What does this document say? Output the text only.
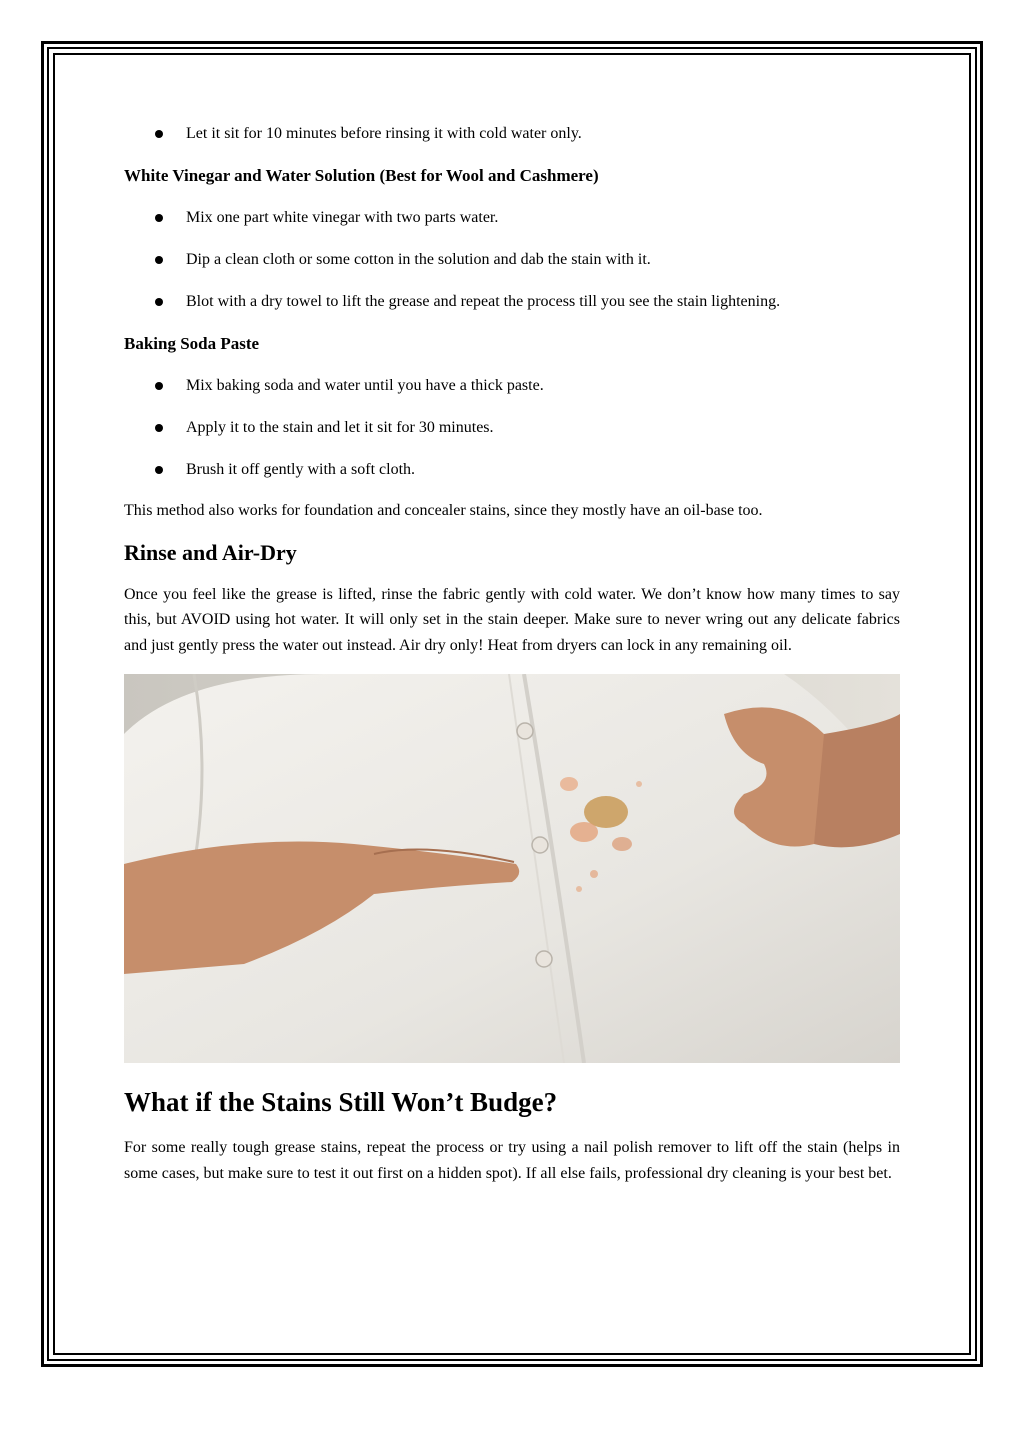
Let it sit for 10 minutes before rinsing it with cold water only.
White Vinegar and Water Solution (Best for Wool and Cashmere)
Mix one part white vinegar with two parts water.
Dip a clean cloth or some cotton in the solution and dab the stain with it.
Blot with a dry towel to lift the grease and repeat the process till you see the stain lightening.
Baking Soda Paste
Mix baking soda and water until you have a thick paste.
Apply it to the stain and let it sit for 30 minutes.
Brush it off gently with a soft cloth.

This method also works for foundation and concealer stains, since they mostly have an oil-base too.

Rinse and Air-Dry

Once you feel like the grease is lifted, rinse the fabric gently with cold water. We don’t know how many times to say this, but AVOID using hot water. It will only set in the stain deeper. Make sure to never wring out any delicate fabrics and just gently press the water out instead. Air dry only! Heat from dryers can lock in any remaining oil.

What if the Stains Still Won’t Budge?

For some really tough grease stains, repeat the process or try using a nail polish remover to lift off the stain (helps in some cases, but make sure to test it out first on a hidden spot). If all else fails, professional dry cleaning is your best bet.
